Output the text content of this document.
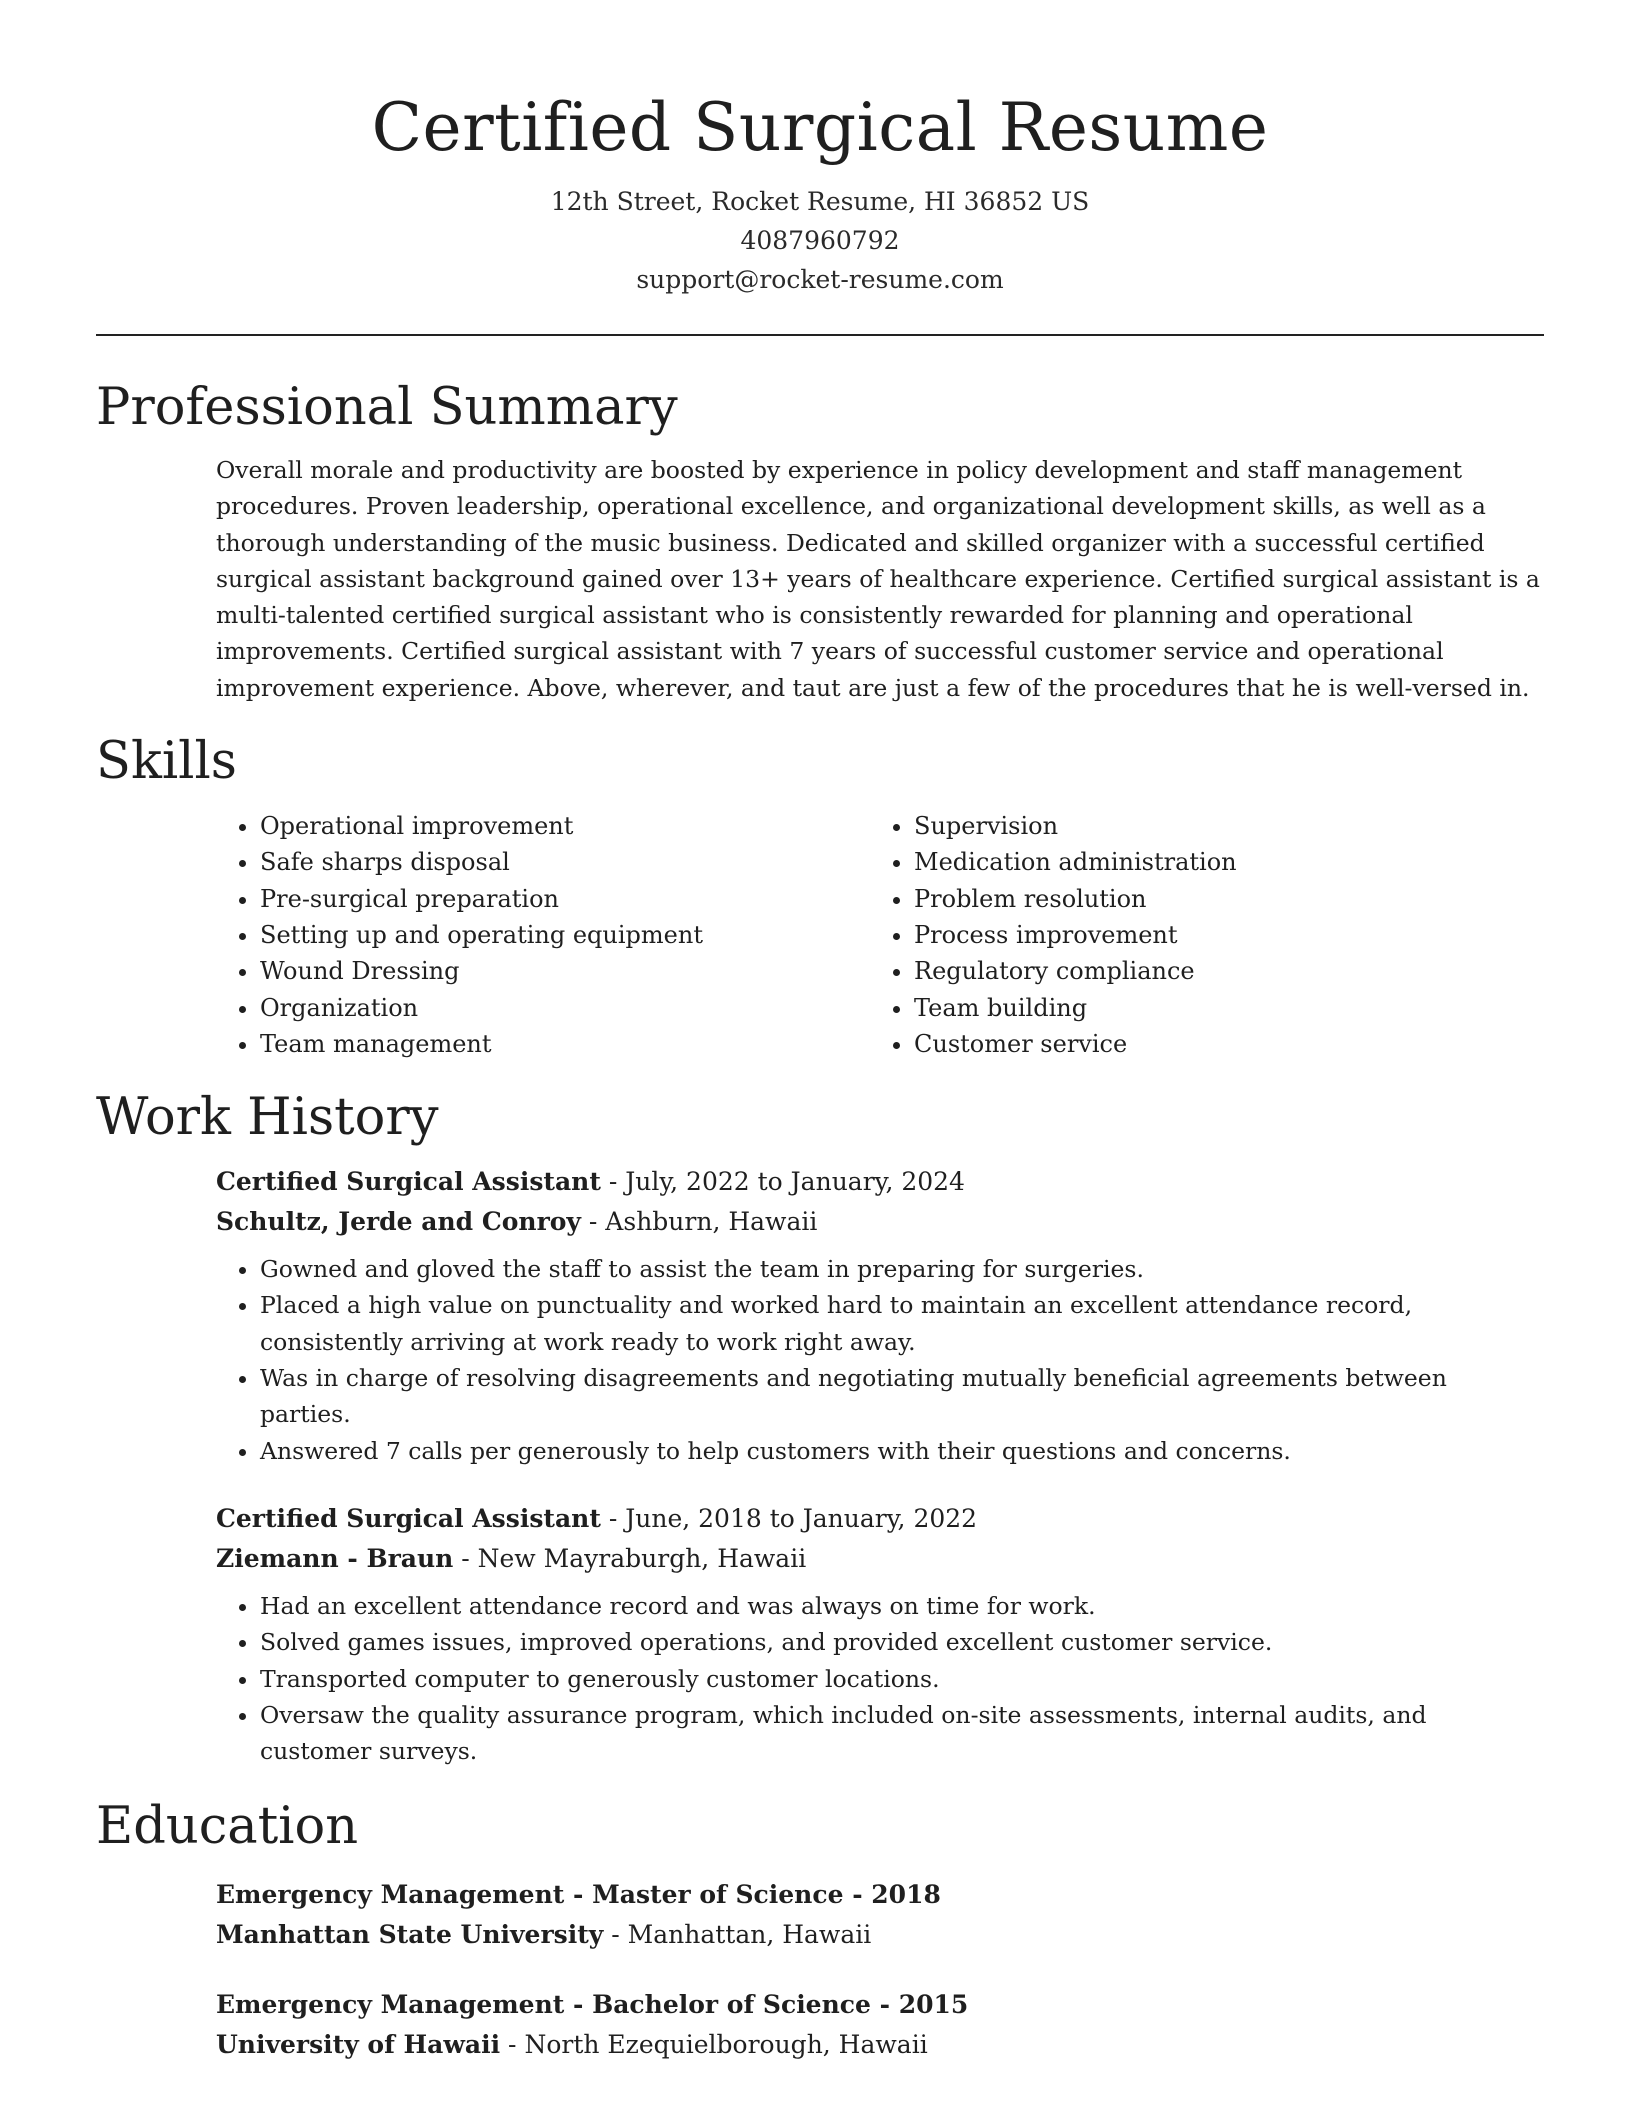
Certified Surgical Resume
12th Street, Rocket Resume, HI 36852 US
4087960792
support@rocket-resume.com
Professional Summary
Overall morale and productivity are boosted by experience in policy development and staff management procedures. Proven leadership, operational excellence, and organizational development skills, as well as a thorough understanding of the music business. Dedicated and skilled organizer with a successful certified surgical assistant background gained over 13+ years of healthcare experience. Certified surgical assistant is a multi-talented certified surgical assistant who is consistently rewarded for planning and operational improvements. Certified surgical assistant with 7 years of successful customer service and operational improvement experience. Above, wherever, and taut are just a few of the procedures that he is well-versed in.
Skills
• Operational improvement
• Safe sharps disposal
• Pre-surgical preparation
• Setting up and operating equipment
• Wound Dressing
• Organization
• Team management
• Supervision
• Medication administration
• Problem resolution
• Process improvement
• Regulatory compliance
• Team building
• Customer service
Work History
Certified Surgical Assistant - July, 2022 to January, 2024
Schultz, Jerde and Conroy - Ashburn, Hawaii
• Gowned and gloved the staff to assist the team in preparing for surgeries.
• Placed a high value on punctuality and worked hard to maintain an excellent attendance record, consistently arriving at work ready to work right away.
• Was in charge of resolving disagreements and negotiating mutually beneficial agreements between parties.
• Answered 7 calls per generously to help customers with their questions and concerns.
Certified Surgical Assistant - June, 2018 to January, 2022
Ziemann - Braun - New Mayraburgh, Hawaii
• Had an excellent attendance record and was always on time for work.
• Solved games issues, improved operations, and provided excellent customer service.
• Transported computer to generously customer locations.
• Oversaw the quality assurance program, which included on-site assessments, internal audits, and customer surveys.
Education
Emergency Management - Master of Science - 2018
Manhattan State University - Manhattan, Hawaii
Emergency Management - Bachelor of Science - 2015
University of Hawaii - North Ezequielborough, Hawaii
